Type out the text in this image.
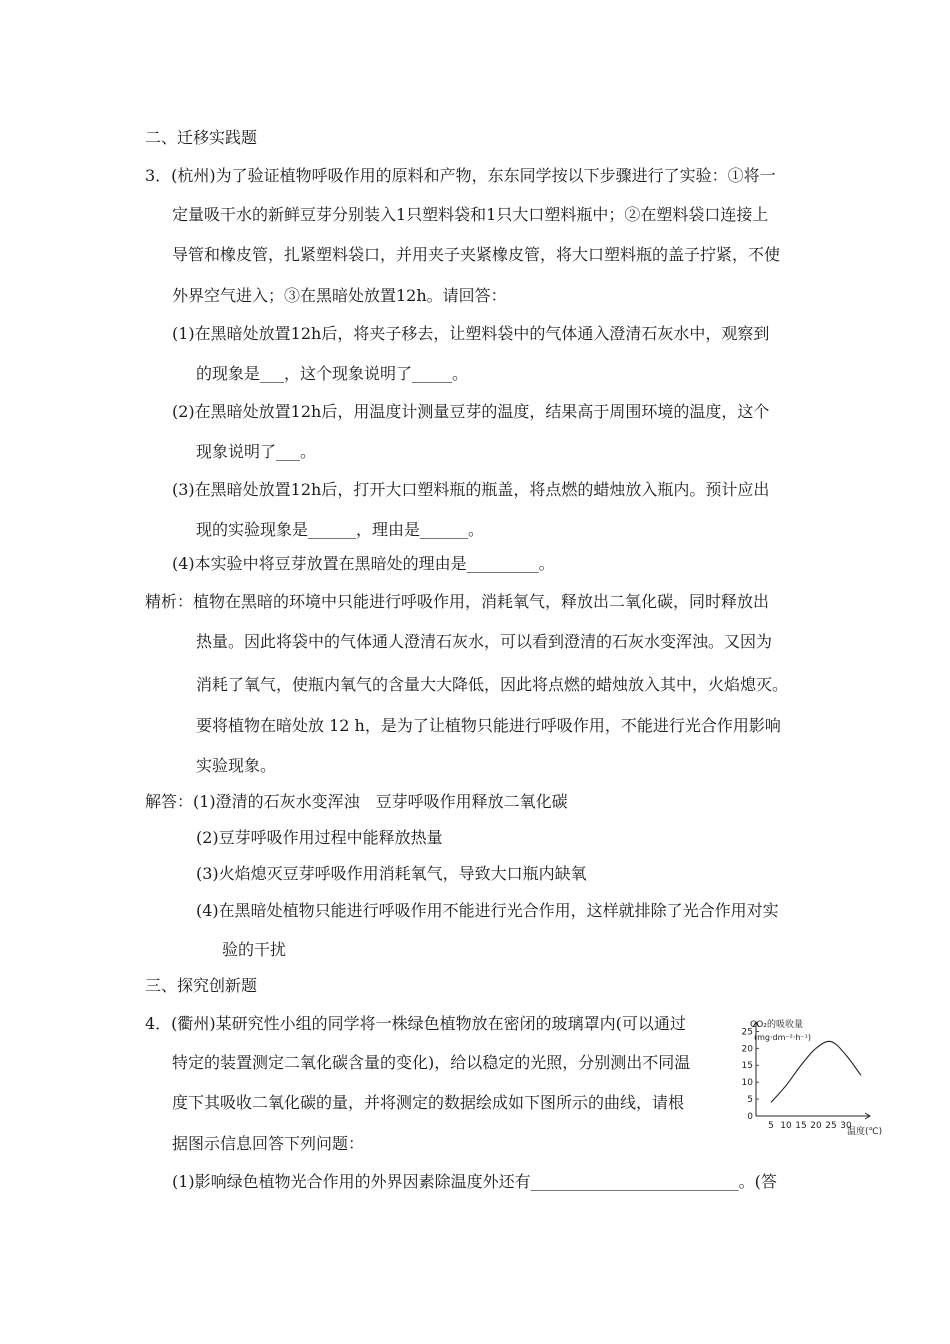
二、迁移实践题
3．(杭州)为了验证植物呼吸作用的原料和产物，东东同学按以下步骤进行了实验：①将一
定量吸干水的新鲜豆芽分别装入1只塑料袋和1只大口塑料瓶中；②在塑料袋口连接上
导管和橡皮管，扎紧塑料袋口，并用夹子夹紧橡皮管，将大口塑料瓶的盖子拧紧，不使
外界空气进入；③在黑暗处放置12h。请回答：
(1)在黑暗处放置12h后，将夹子移去，让塑料袋中的气体通入澄清石灰水中，观察到
的现象是___，这个现象说明了_____。
(2)在黑暗处放置12h后，用温度计测量豆芽的温度，结果高于周围环境的温度，这个
现象说明了___。
(3)在黑暗处放置12h后，打开大口塑料瓶的瓶盖，将点燃的蜡烛放入瓶内。预计应出
现的实验现象是______，理由是______。
(4)本实验中将豆芽放置在黑暗处的理由是_________。
精析：植物在黑暗的环境中只能进行呼吸作用，消耗氧气，释放出二氧化碳，同时释放出
热量。因此将袋中的气体通人澄清石灰水，可以看到澄清的石灰水变浑浊。又因为
消耗了氧气，使瓶内氧气的含量大大降低，因此将点燃的蜡烛放入其中，火焰熄灭。
要将植物在暗处放 12 h，是为了让植物只能进行呼吸作用，不能进行光合作用影响
实验现象。
解答：(1)澄清的石灰水变浑浊　豆芽呼吸作用释放二氧化碳
(2)豆芽呼吸作用过程中能释放热量
(3)火焰熄灭豆芽呼吸作用消耗氧气，导致大口瓶内缺氧
(4)在黑暗处植物只能进行呼吸作用不能进行光合作用，这样就排除了光合作用对实
验的干扰
三、探究创新题
4．(衢州)某研究性小组的同学将一株绿色植物放在密闭的玻璃罩内(可以通过
特定的装置测定二氧化碳含量的变化)，给以稳定的光照，分别测出不同温
度下其吸收二氧化碳的量，并将测定的数据绘成如下图所示的曲线，请根
据图示信息回答下列问题：
(1)影响绿色植物光合作用的外界因素除温度外还有__________________________。(答
0
5
10
15
20
25
5 10 15 20 25 30
CO₂的吸收量
(mg·dm⁻²·h⁻¹)
温度(℃)
